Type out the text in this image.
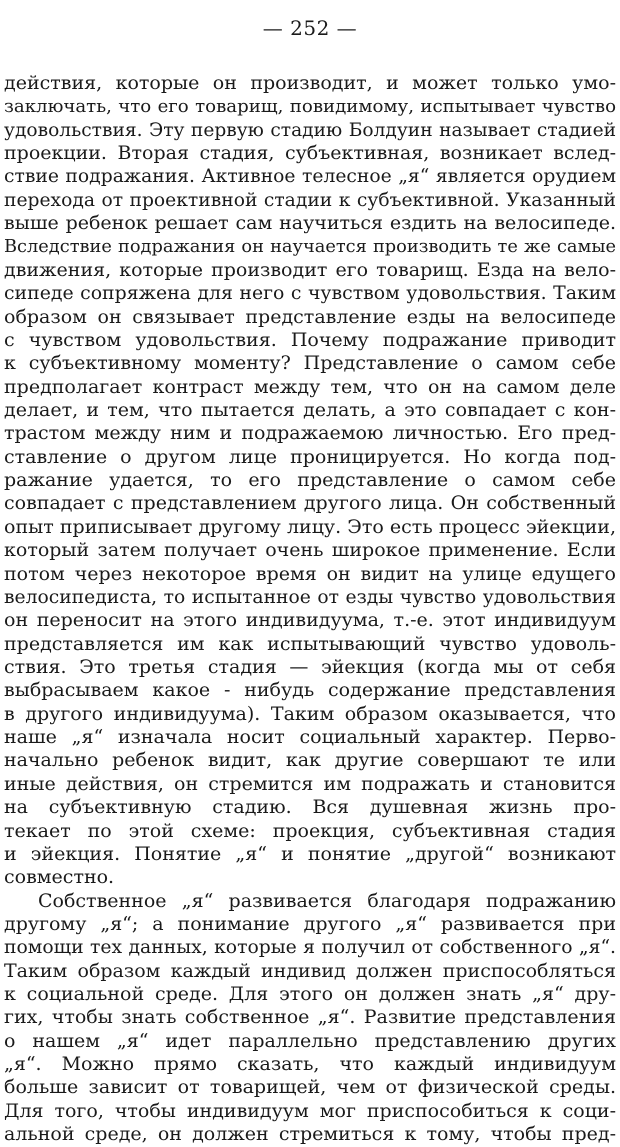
— 252 —
действия, которые он производит, и может только умо-
заключать, что его товарищ, повидимому, испытывает чувство
удовольствия. Эту первую стадию Болдуин называет стадией
проекции. Вторая стадия, субъективная, возникает вслед-
ствие подражания. Активное телесное „я“ является орудием
перехода от проективной стадии к субъективной. Указанный
выше ребенок решает сам научиться ездить на велосипеде.
Вследствие подражания он научается производить те же самые
движения, которые производит его товарищ. Езда на вело-
сипеде сопряжена для него с чувством удовольствия. Таким
образом он связывает представление езды на велосипеде
с чувством удовольствия. Почему подражание приводит
к субъективному моменту? Представление о самом себе
предполагает контраст между тем, что он на самом деле
делает, и тем, что пытается делать, а это совпадает с кон-
трастом между ним и подражаемою личностью. Его пред-
ставление о другом лице проницируется. Но когда под-
ражание удается, то его представление о самом себе
совпадает с представлением другого лица. Он собственный
опыт приписывает другому лицу. Это есть процесс эйекции,
который затем получает очень широкое применение. Если
потом через некоторое время он видит на улице едущего
велосипедиста, то испытанное от езды чувство удовольствия
он переносит на этого индивидуума, т.-е. этот индивидуум
представляется им как испытывающий чувство удоволь-
ствия. Это третья стадия — эйекция (когда мы от себя
выбрасываем какое - нибудь содержание представления
в другого индивидуума). Таким образом оказывается, что
наше „я“ изначала носит социальный характер. Перво-
начально ребенок видит, как другие совершают те или
иные действия, он стремится им подражать и становится
на субъективную стадию. Вся душевная жизнь про-
текает по этой схеме: проекция, субъективная стадия
и эйекция. Понятие „я“ и понятие „другой“ возникают
совместно.
Собственное „я“ развивается благодаря подражанию
другому „я“; а понимание другого „я“ развивается при
помощи тех данных, которые я получил от собственного „я“.
Таким образом каждый индивид должен приспособляться
к социальной среде. Для этого он должен знать „я“ дру-
гих, чтобы знать собственное „я“. Развитие представления
о нашем „я“ идет параллельно представлению других
„я“. Можно прямо сказать, что каждый индивидуум
больше зависит от товарищей, чем от физической среды.
Для того, чтобы индивидуум мог приспособиться к соци-
альной среде, он должен стремиться к тому, чтобы пред-
